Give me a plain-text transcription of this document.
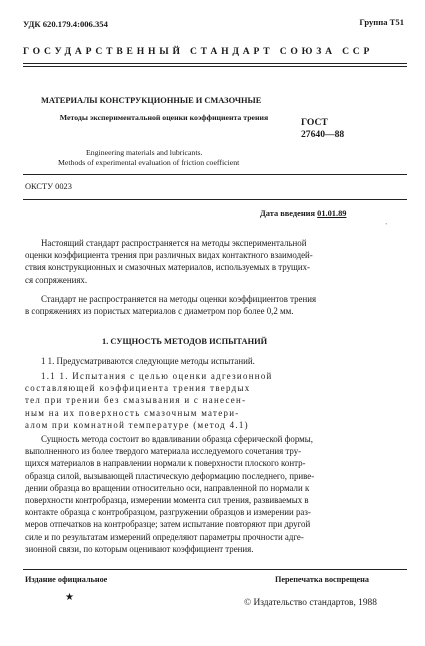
УДК 620.179.4:006.354	Группа Т51
ГОСУДАРСТВЕННЫЙ СТАНДАРТ СОЮЗА ССР
МАТЕРИАЛЫ КОНСТРУКЦИОННЫЕ И СМАЗОЧНЫЕ
Методы экспериментальной оценки коэффициента трения	ГОСТ
27640—88
Engineering materials and lubricants.
Methods of experimental evaluation of friction coefficient
ОКСТУ 0023
Дата введения 01.01.89
ˋ
Настоящий стандарт распространяется на методы экспериментальной
оценки коэффициента трения при различных видах контактного взаимодей-
ствия конструкционных и смазочных материалов, используемых в трущих-
ся сопряжениях.
Стандарт не распространяется на методы оценки коэффициентов трения
в сопряжениях из пористых материалов с диаметром пор более 0,2 мм.
1. СУЩНОСТЬ МЕТОДОВ ИСПЫТАНИЙ
1 1. Предусматриваются следующие методы испытаний.
1.1 1. Испытания с целью оценки адгезионной
составляющей коэффициента трения твердых
тел при трении без смазывания и с нанесен-
ным на их поверхность смазочным матери-
алом при комнатной температуре (метод 4.1)
Сущность метода состоит во вдавливании образца сферической формы,
выполненного из более твердого материала исследуемого сочетания тру-
щихся материалов в направлении нормали к поверхности плоского контр-
образца силой, вызывающей пластическую деформацию последнего, приве-
дении образца во вращении относительно оси, направленной по нормали к
поверхности контробразца, измерении момента сил трения, развиваемых в
контакте образца с контробразцом, разгружении образцов и измерении раз-
меров отпечатков на контробразце; затем испытание повторяют при другой
силе и по результатам измерений определяют параметры прочности адге-
зионной связи, по которым оценивают коэффициент трения.
Издание официальное	Перепечатка воспрещена
★	© Издательство стандартов, 1988
